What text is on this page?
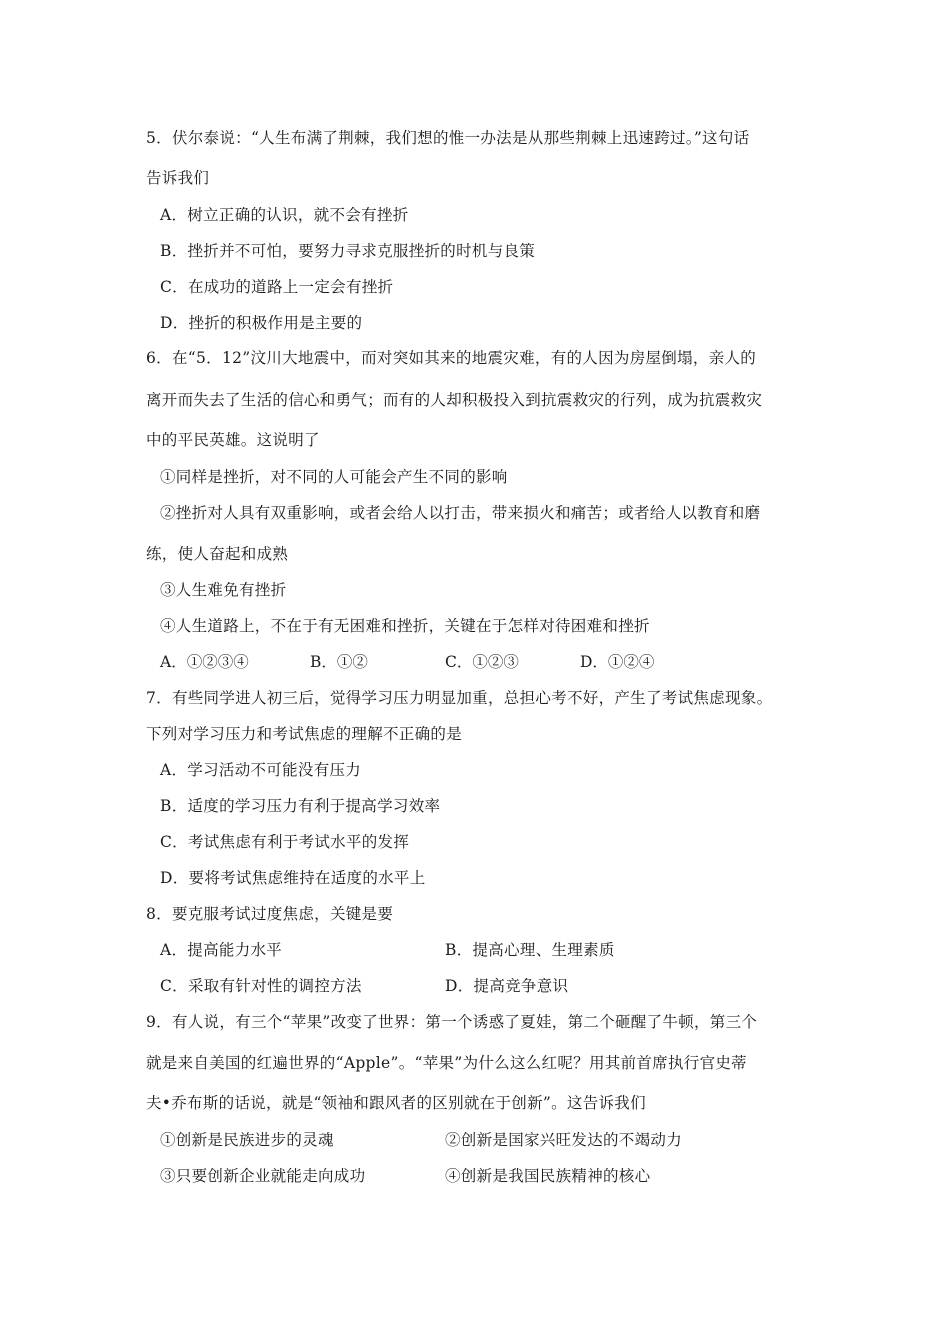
5．伏尔泰说：“人生布满了荆棘，我们想的惟一办法是从那些荆棘上迅速跨过。”这句话
告诉我们
A．树立正确的认识，就不会有挫折
B．挫折并不可怕，要努力寻求克服挫折的时机与良策
C．在成功的道路上一定会有挫折
D．挫折的积极作用是主要的
6．在“5．12”汶川大地震中，而对突如其来的地震灾难，有的人因为房屋倒塌，亲人的
离开而失去了生活的信心和勇气；而有的人却积极投入到抗震救灾的行列，成为抗震救灾
中的平民英雄。这说明了
①同样是挫折，对不同的人可能会产生不同的影响
②挫折对人具有双重影响，或者会给人以打击，带来损火和痛苦；或者给人以教育和磨
练，使人奋起和成熟
③人生难免有挫折
④人生道路上，不在于有无困难和挫折，关键在于怎样对待困难和挫折
A．①②③④	B．①②	C．①②③	D．①②④
7．有些同学进人初三后，觉得学习压力明显加重，总担心考不好，产生了考试焦虑现象。
下列对学习压力和考试焦虑的理解不正确的是
A．学习活动不可能没有压力
B．适度的学习压力有利于提高学习效率
C．考试焦虑有利于考试水平的发挥
D．要将考试焦虑维持在适度的水平上
8．要克服考试过度焦虑，关键是要
A．提高能力水平	B．提高心理、生理素质
C．采取有针对性的调控方法	D．提高竞争意识
9．有人说，有三个“苹果”改变了世界：第一个诱惑了夏娃，第二个砸醒了牛顿，第三个
就是来自美国的红遍世界的“Apple”。“苹果”为什么这么红呢？用其前首席执行官史蒂
夫•乔布斯的话说，就是“领袖和跟风者的区别就在于创新”。这告诉我们
①创新是民族进步的灵魂	②创新是国家兴旺发达的不竭动力
③只要创新企业就能走向成功	④创新是我国民族精神的核心
